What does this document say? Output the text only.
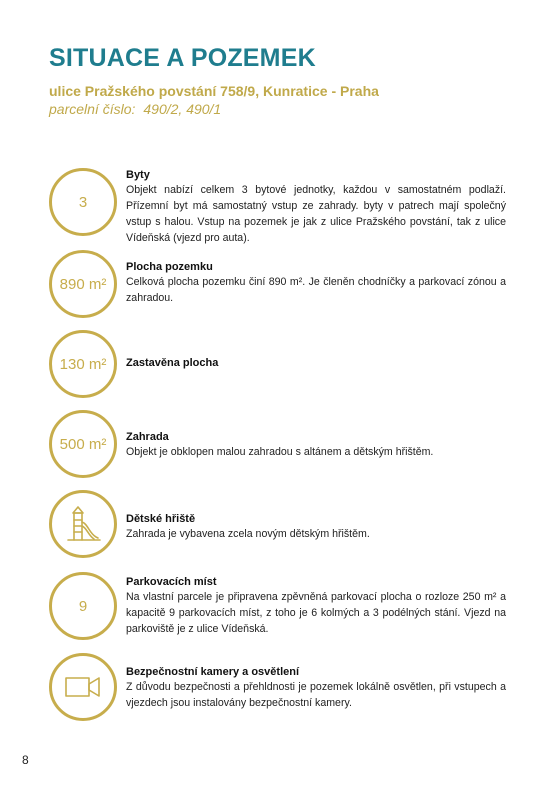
SITUACE A POZEMEK
ulice Pražského povstání 758/9, Kunratice - Praha
parcelní číslo: 490/2, 490/1
3
Byty
Objekt nabízí celkem 3 bytové jednotky, každou v samostatném podlaží. Přízemní byt má samostatný vstup ze zahrady. byty v patrech mají společný vstup s halou. Vstup na pozemek je jak z ulice Pražského povstání, tak z ulice Vídeňská (vjezd pro auta).
890 m²
Plocha pozemku
Celková plocha pozemku činí 890 m². Je členěn chodníčky a parkovací zónou a zahradou.
130 m²	Zastavěna plocha
500 m²	Zahrada
Objekt je obklopen malou zahradou s altánem a dětským hřištěm.
Dětské hřiště
Zahrada je vybavena zcela novým dětským hřištěm.
9
Parkovacích míst
Na vlastní parcele je připravena zpěvněná parkovací plocha o rozloze 250 m² a kapacitě 9 parkovacích míst, z toho je 6 kolmých a 3 podélných stání. Vjezd na parkoviště je z ulice Vídeňská.
Bezpečnostní kamery a osvětlení
Z důvodu bezpečnosti a přehldnosti je pozemek lokálně osvětlen, při vstupech a vjezdech jsou instalovány bezpečnostní kamery.
8
